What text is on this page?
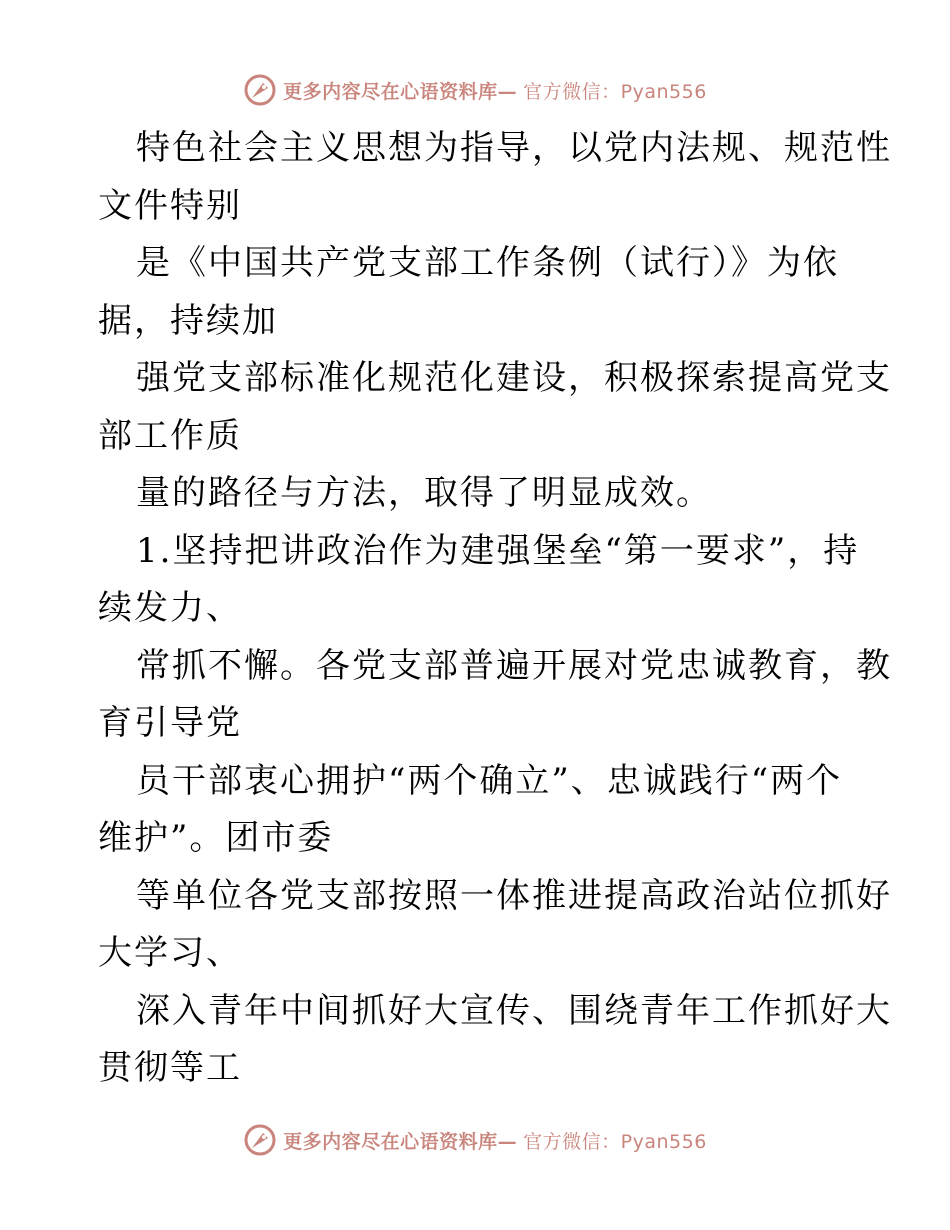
更多内容尽在心语资料库— 官方微信：Pyan556
特色社会主义思想为指导，以党内法规、规范性
文件特别
是《中国共产党支部工作条例（试行）》为依
据，持续加
强党支部标准化规范化建设，积极探索提高党支
部工作质
量的路径与方法，取得了明显成效。
1.坚持把讲政治作为建强堡垒“第一要求”，持
续发力、
常抓不懈。各党支部普遍开展对党忠诚教育，教
育引导党
员干部衷心拥护“两个确立”、忠诚践行“两个
维护”。团市委
等单位各党支部按照一体推进提高政治站位抓好
大学习、
深入青年中间抓好大宣传、围绕青年工作抓好大
贯彻等工
更多内容尽在心语资料库— 官方微信：Pyan556
